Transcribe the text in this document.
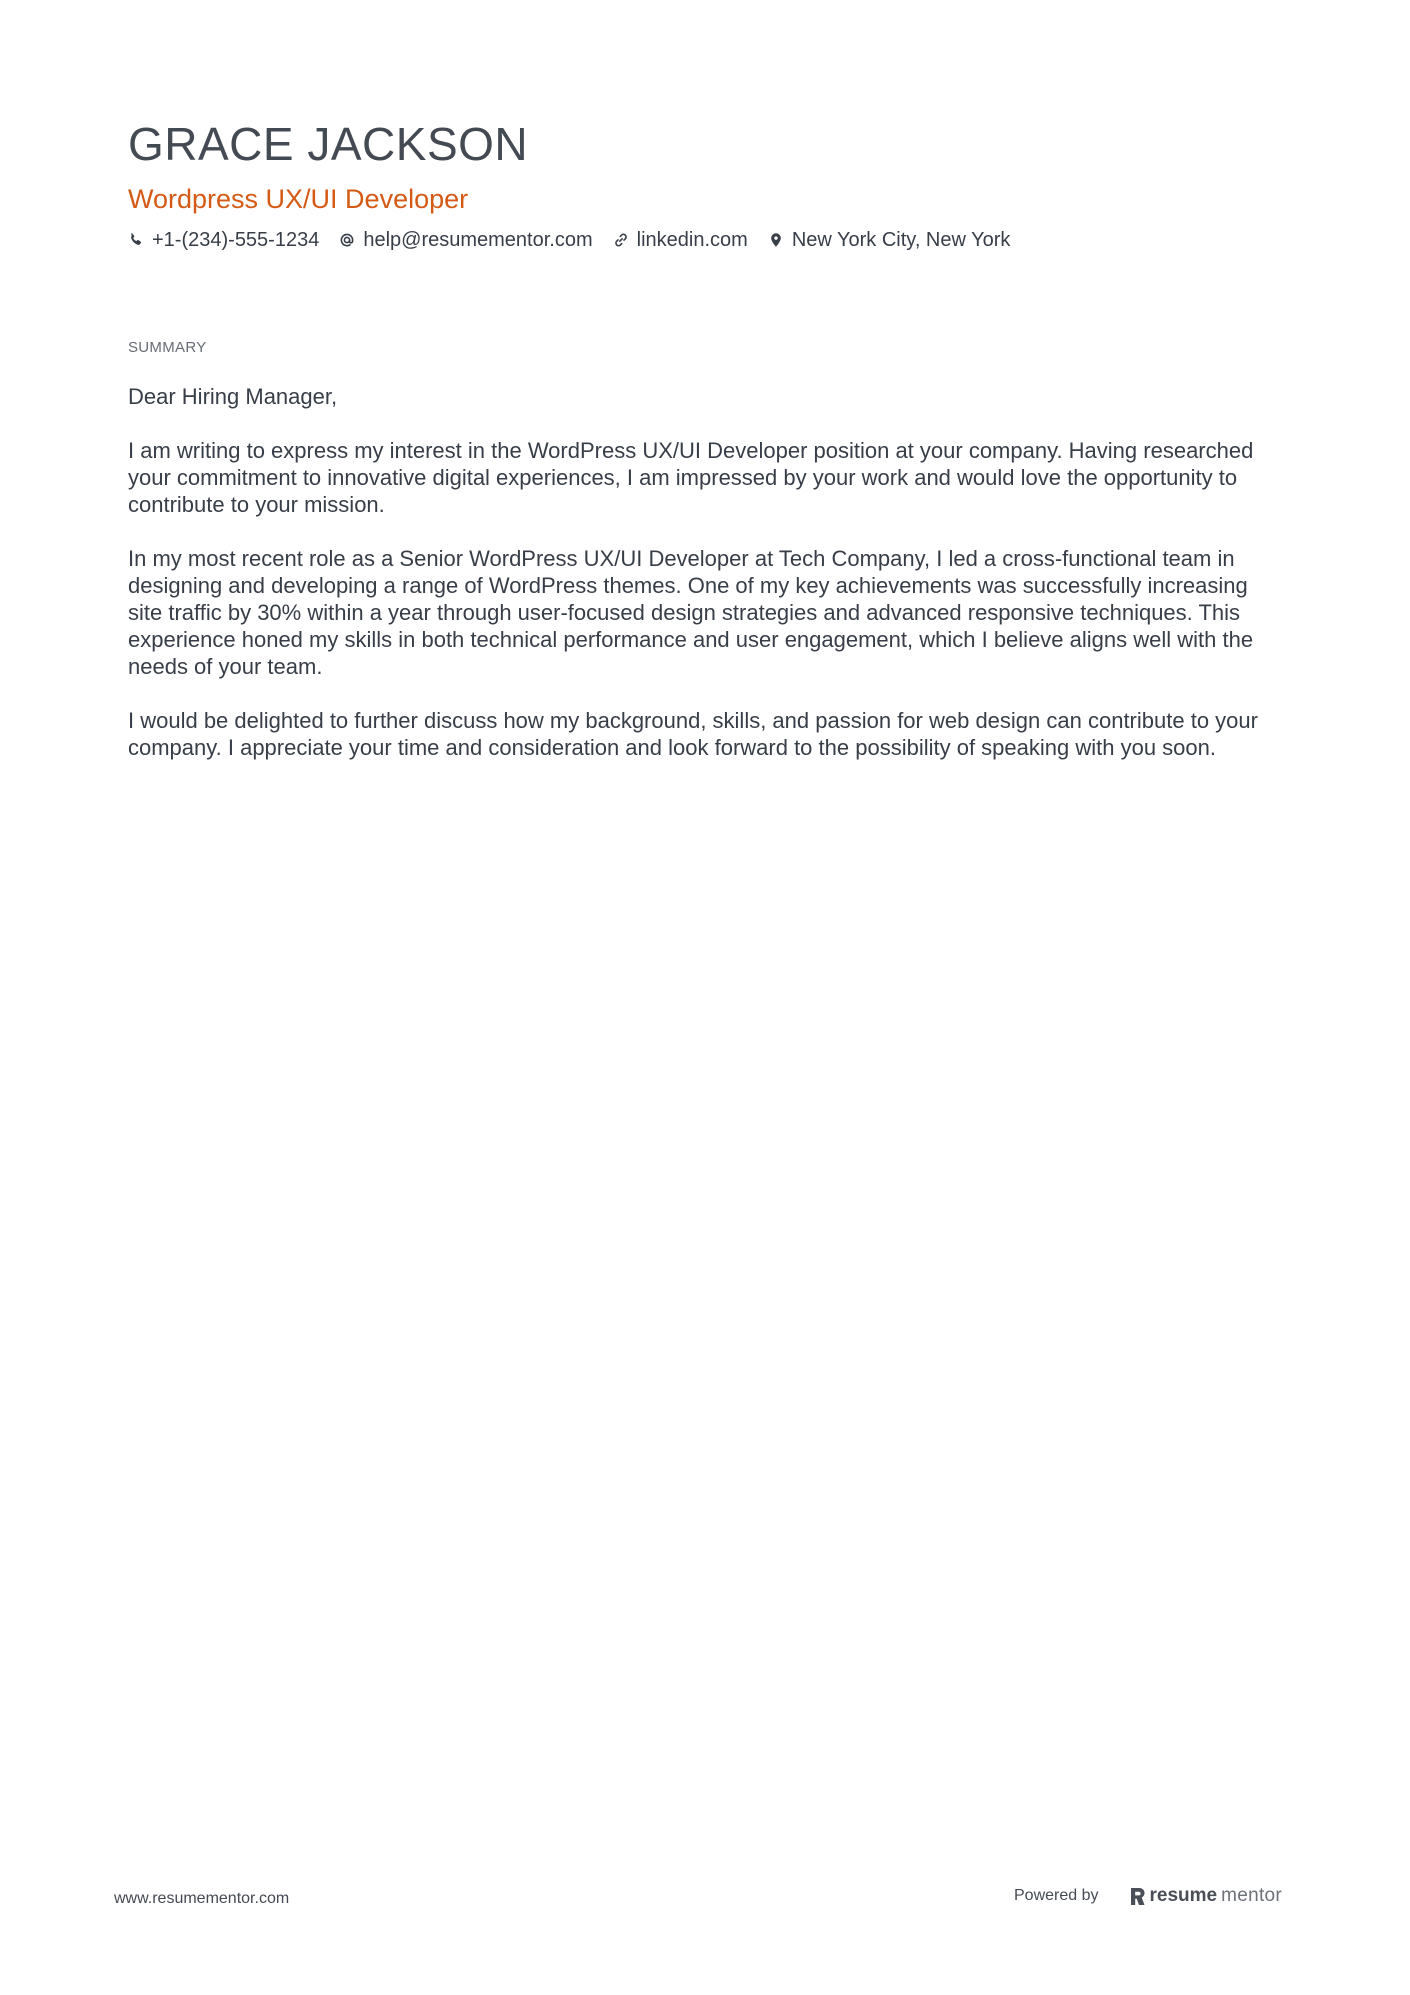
GRACE JACKSON
Wordpress UX/UI Developer
+1-(234)-555-1234 help@resumementor.com linkedin.com New York City, New York
SUMMARY

Dear Hiring Manager,

I am writing to express my interest in the WordPress UX/UI Developer position at your company. Having researched your commitment to innovative digital experiences, I am impressed by your work and would love the opportunity to contribute to your mission.

In my most recent role as a Senior WordPress UX/UI Developer at Tech Company, I led a cross-functional team in designing and developing a range of WordPress themes. One of my key achievements was successfully increasing site traffic by 30% within a year through user-focused design strategies and advanced responsive techniques. This experience honed my skills in both technical performance and user engagement, which I believe aligns well with the needs of your team.

I would be delighted to further discuss how my background, skills, and passion for web design can contribute to your company. I appreciate your time and consideration and look forward to the possibility of speaking with you soon.

www.resumementor.com	Powered by	resume mentor
